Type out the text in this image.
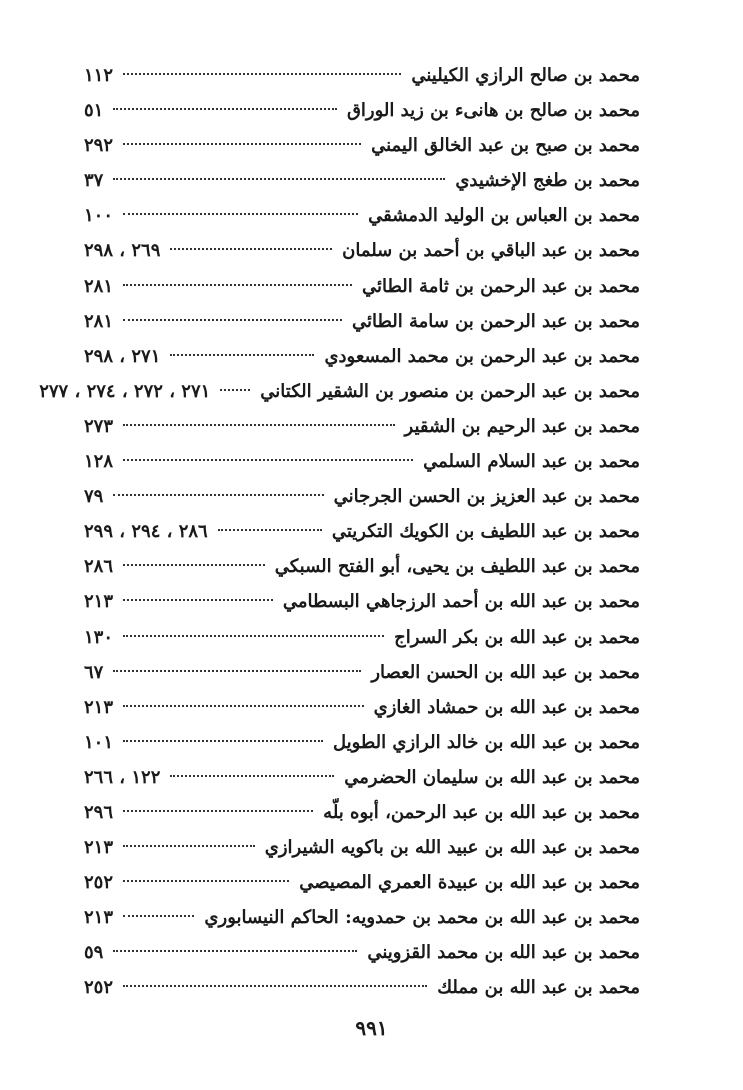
محمد بن صالح الرازي الكيليني
١١٢
محمد بن صالح بن هانىء بن زيد الوراق
٥١
محمد بن صبح بن عبد الخالق اليمني
٢٩٢
محمد بن طغج الإخشيدي
٣٧
محمد بن العباس بن الوليد الدمشقي
١٠٠
محمد بن عبد الباقي بن أحمد بن سلمان
٢٦٩ ، ٢٩٨
محمد بن عبد الرحمن بن ثامة الطائي
٢٨١
محمد بن عبد الرحمن بن سامة الطائي
٢٨١
محمد بن عبد الرحمن بن محمد المسعودي
٢٧١ ، ٢٩٨
محمد بن عبد الرحمن بن منصور بن الشقير الكتاني
٢٧١ ، ٢٧٢ ، ٢٧٤ ، ٢٧٧
محمد بن عبد الرحيم بن الشقير
٢٧٣
محمد بن عبد السلام السلمي
١٢٨
محمد بن عبد العزيز بن الحسن الجرجاني
٧٩
محمد بن عبد اللطيف بن الكويك التكريتي
٢٨٦ ، ٢٩٤ ، ٢٩٩
محمد بن عبد اللطيف بن يحيى، أبو الفتح السبكي
٢٨٦
محمد بن عبد الله بن أحمد الرزجاهي البسطامي
٢١٣
محمد بن عبد الله بن بكر السراج
١٣٠
محمد بن عبد الله بن الحسن العصار
٦٧
محمد بن عبد الله بن حمشاد الغازي
٢١٣
محمد بن عبد الله بن خالد الرازي الطويل
١٠١
محمد بن عبد الله بن سليمان الحضرمي
١٢٢ ، ٢٦٦
محمد بن عبد الله بن عبد الرحمن، أبوه بلّه
٢٩٦
محمد بن عبد الله بن عبيد الله بن باكويه الشيرازي
٢١٣
محمد بن عبد الله بن عبيدة العمري المصيصي
٢٥٢
محمد بن عبد الله بن محمد بن حمدويه: الحاكم النيسابوري
٢١٣
محمد بن عبد الله بن محمد القزويني
٥٩
محمد بن عبد الله بن مملك
٢٥٢
٩٩١
